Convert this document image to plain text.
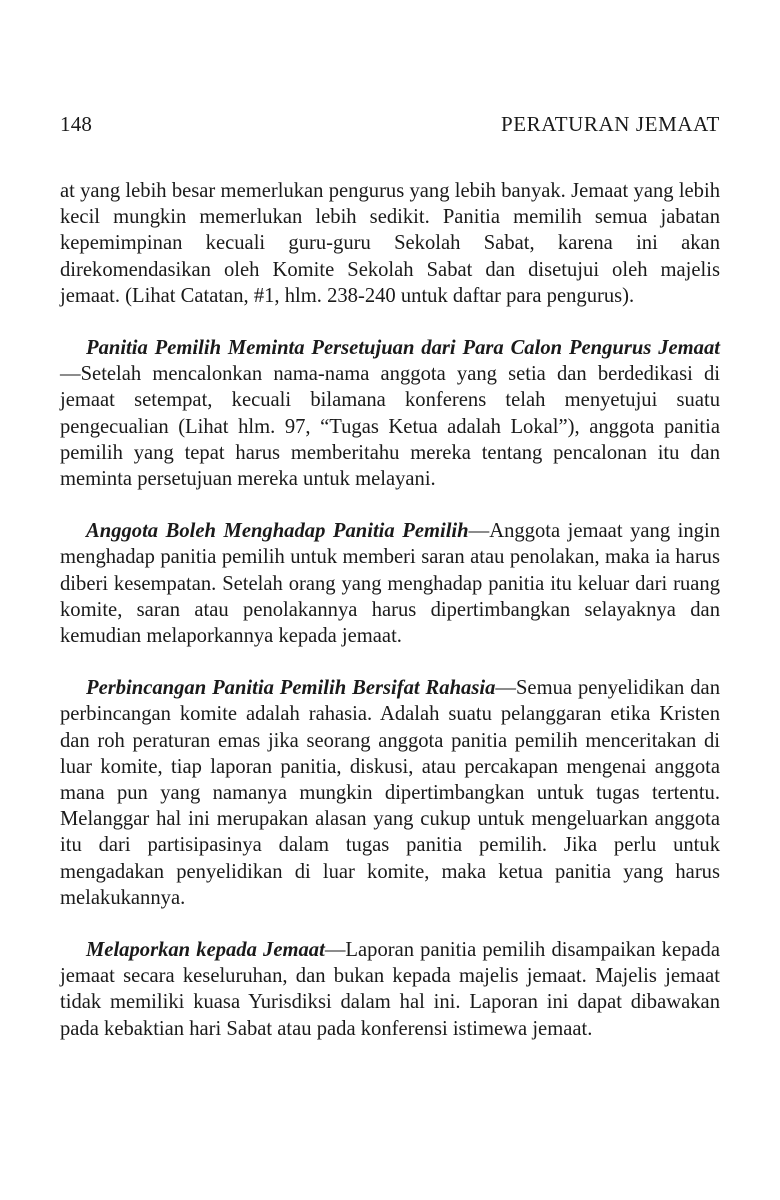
148	PERATURAN JEMAAT

at yang lebih besar memerlukan pengurus yang lebih banyak. Jemaat yang lebih kecil mungkin memerlukan lebih sedikit. Panitia memilih semua jabatan kepemimpinan kecuali guru-guru Sekolah Sabat, karena ini akan direkomendasikan oleh Komite Sekolah Sabat dan disetujui oleh majelis jemaat. (Lihat Catatan, #1, hlm. 238-240 untuk daftar para pengurus).

Panitia Pemilih Meminta Persetujuan dari Para Calon Pengurus Jemaat—Setelah mencalonkan nama-nama anggota yang setia dan berdedikasi di jemaat setempat, kecuali bilamana konferens telah menyetujui suatu pengecualian (Lihat hlm. 97, “Tugas Ketua adalah Lokal”), anggota panitia pemilih yang tepat harus memberitahu mereka tentang pencalonan itu dan meminta persetujuan mereka untuk melayani.

Anggota Boleh Menghadap Panitia Pemilih—Anggota jemaat yang ingin menghadap panitia pemilih untuk memberi saran atau penolakan, maka ia harus diberi kesempatan. Setelah orang yang menghadap panitia itu keluar dari ruang komite, saran atau penolakannya harus dipertimbangkan selayaknya dan kemudian melaporkannya kepada jemaat.

Perbincangan Panitia Pemilih Bersifat Rahasia—Semua penyelidikan dan perbincangan komite adalah rahasia. Adalah suatu pelanggaran etika Kristen dan roh peraturan emas jika seorang anggota panitia pemilih menceritakan di luar komite, tiap laporan panitia, diskusi, atau percakapan mengenai anggota mana pun yang namanya mungkin dipertimbangkan untuk tugas tertentu. Melanggar hal ini merupakan alasan yang cukup untuk mengeluarkan anggota itu dari partisipasinya dalam tugas panitia pemilih. Jika perlu untuk mengadakan penyelidikan di luar komite, maka ketua panitia yang harus melakukannya.

Melaporkan kepada Jemaat—Laporan panitia pemilih disampaikan kepada jemaat secara keseluruhan, dan bukan kepada majelis jemaat. Majelis jemaat tidak memiliki kuasa Yurisdiksi dalam hal ini. Laporan ini dapat dibawakan pada kebaktian hari Sabat atau pada konferensi istimewa jemaat.
